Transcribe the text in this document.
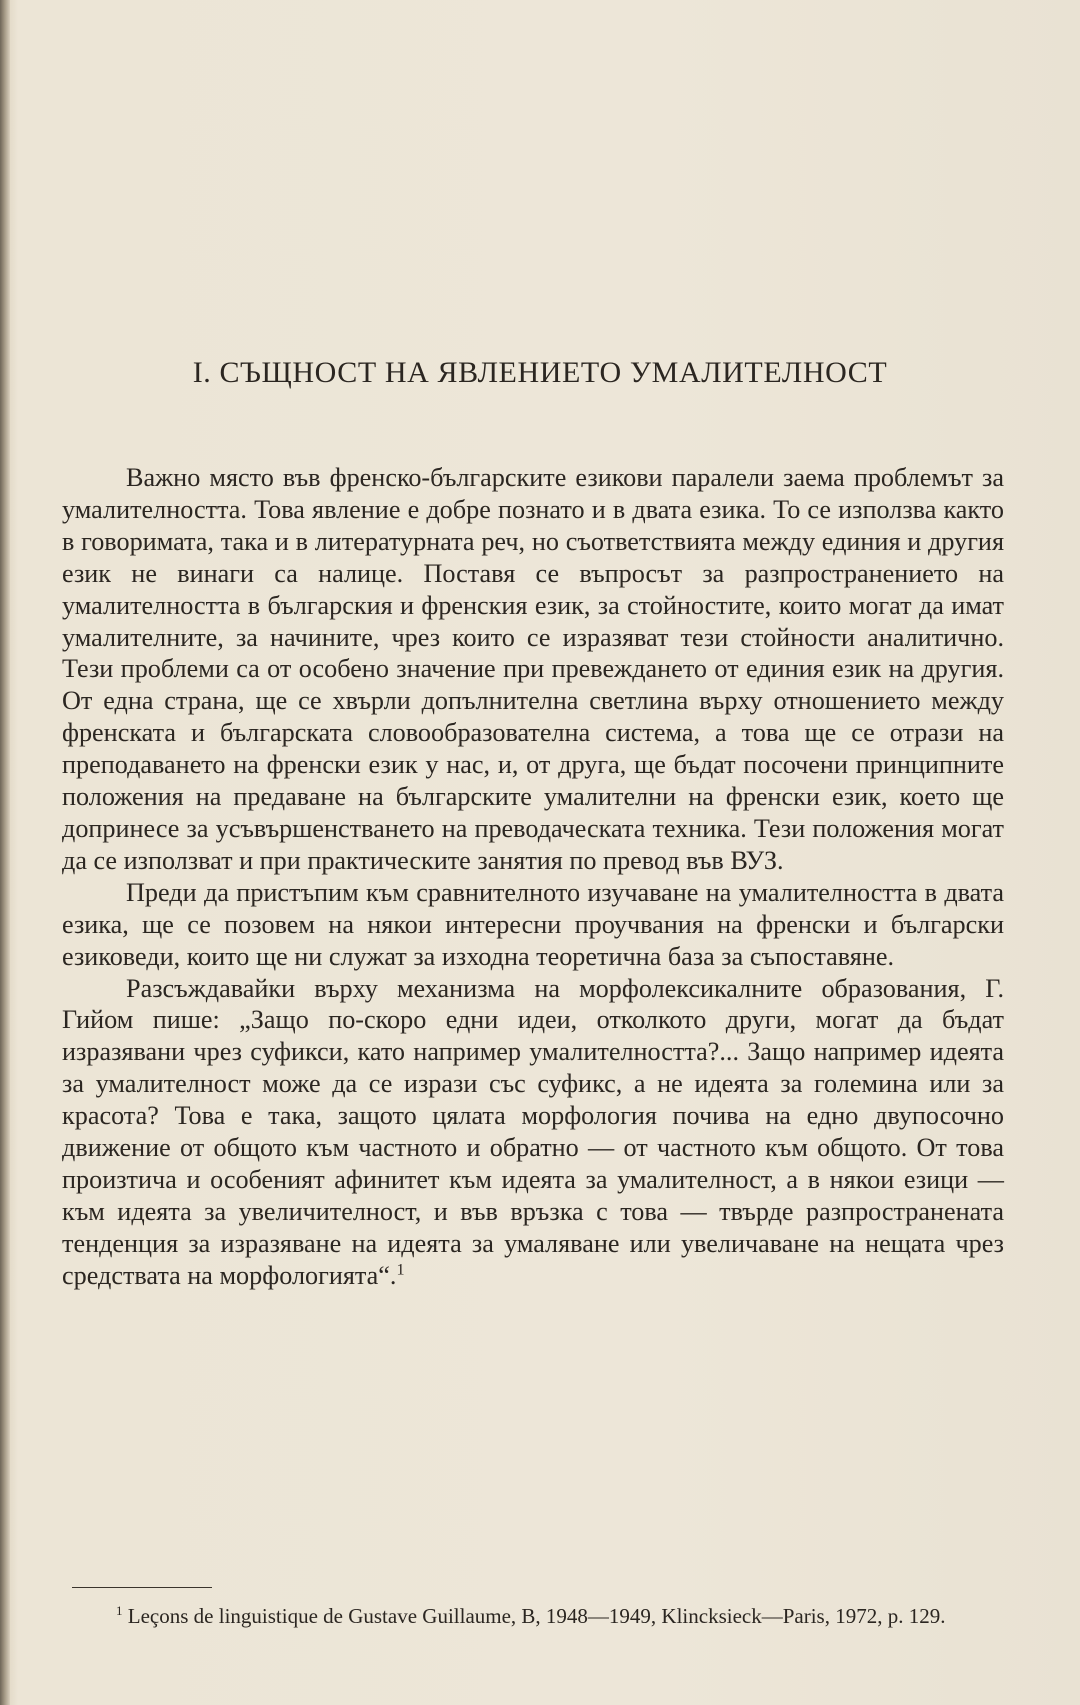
I. СЪЩНОСТ НА ЯВЛЕНИЕТО УМАЛИТЕЛНОСТ

Важно място във френско-българските езикови паралели заема проблемът за умалителността. Това явление е добре познато и в двата езика. То се използва както в говоримата, така и в литературната реч, но съответствията между единия и другия език не винаги са налице. Поставя се въпросът за разпространението на умалителността в българския и френския език, за стойностите, които могат да имат умалителните, за начините, чрез които се изразяват тези стойности аналитично. Тези проблеми са от особено значение при превеждането от единия език на другия. От една страна, ще се хвърли допълнителна светлина върху отношението между френската и българската словообразователна система, а това ще се отрази на преподаването на френски език у нас, и, от друга, ще бъдат посочени принципните положения на предаване на българските умалителни на френски език, което ще допринесе за усъвършенстването на преводаческата техника. Тези положения могат да се използват и при практическите занятия по превод във ВУЗ.

Преди да пристъпим към сравнителното изучаване на умалителността в двата езика, ще се позовем на някои интересни проучвания на френски и български езиковеди, които ще ни служат за изходна теоретична база за съпоставяне.

Разсъждавайки върху механизма на морфолексикалните образования, Г. Гийом пише: „Защо по-скоро едни идеи, отколкото други, могат да бъдат изразявани чрез суфикси, като например умалителността?... Защо например идеята за умалителност може да се изрази със суфикс, а не идеята за големина или за красота? Това е така, защото цялата морфология почива на едно двупосочно движение от общото към частното и обратно — от частното към общото. От това произтича и особеният афинитет към идеята за умалителност, а в някои езици — към идеята за увеличителност, и във връзка с това — твърде разпространената тенденция за изразяване на идеята за умаляване или увеличаване на нещата чрез средствата на морфологията“.$^1$

$^1$ Leçons de linguistique de Gustave Guillaume, B, 1948—1949, Klincksieck—Paris, 1972, p. 129.
